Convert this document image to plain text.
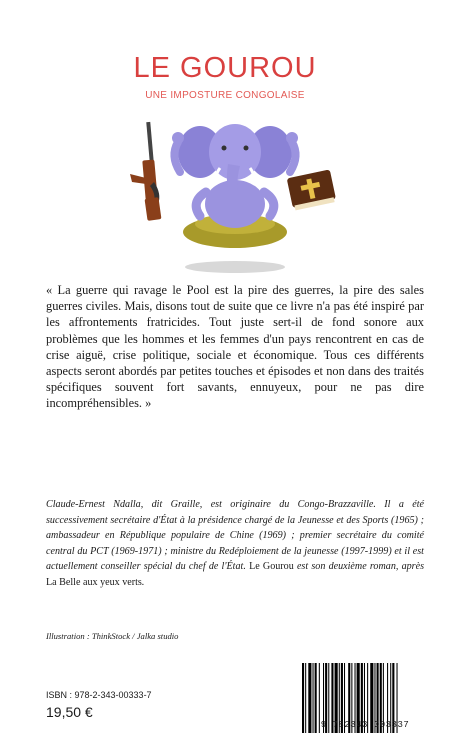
LE GOUROU
UNE IMPOSTURE CONGOLAISE

« La guerre qui ravage le Pool est la pire des guerres, la pire des sales guerres civiles. Mais, disons tout de suite que ce livre n'a pas été inspiré par les affrontements fratricides. Tout juste sert-il de fond sonore aux problèmes que les hommes et les femmes d'un pays rencontrent en cas de crise aiguë, crise politique, sociale et économique. Tous ces différents aspects seront abordés par petites touches et épisodes et non dans des traités spécifiques souvent fort savants, ennuyeux, pour ne pas dire incompréhensibles. »

Claude-Ernest Ndalla, dit Graille, est originaire du Congo-Brazzaville. Il a été successivement secrétaire d'État à la présidence chargé de la Jeunesse et des Sports (1965) ; ambassadeur en République populaire de Chine (1969) ; premier secrétaire du comité central du PCT (1969-1971) ; ministre du Redéploiement de la jeunesse (1997-1999) et il est actuellement conseiller spécial du chef de l'État. Le Gourou est son deuxième roman, après La Belle aux yeux verts.

Illustration : ThinkStock / Jalka studio

ISBN : 978-2-343-00333-7

19,50 €

9 782343 003337
